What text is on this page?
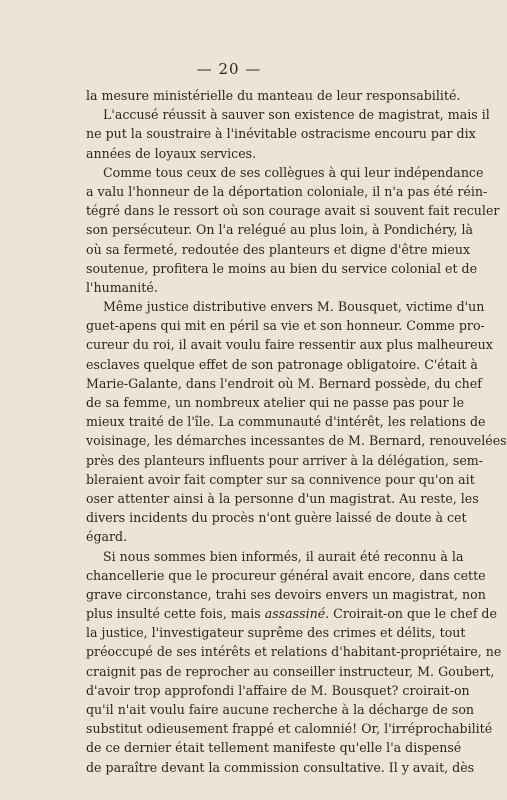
— 20 —
la mesure ministérielle du manteau de leur responsabilité.
L'accusé réussit à sauver son existence de magistrat, mais il
ne put la soustraire à l'inévitable ostracisme encouru par dix
années de loyaux services.
Comme tous ceux de ses collègues à qui leur indépendance
a valu l'honneur de la déportation coloniale, il n'a pas été réin-
tégré dans le ressort où son courage avait si souvent fait reculer
son persécuteur. On l'a relégué au plus loin, à Pondichéry, là
où sa fermeté, redoutée des planteurs et digne d'être mieux
soutenue, profitera le moins au bien du service colonial et de
l'humanité.
Même justice distributive envers M. Bousquet, victime d'un
guet-apens qui mit en péril sa vie et son honneur. Comme pro-
cureur du roi, il avait voulu faire ressentir aux plus malheureux
esclaves quelque effet de son patronage obligatoire. C'était à
Marie-Galante, dans l'endroit où M. Bernard possède, du chef
de sa femme, un nombreux atelier qui ne passe pas pour le
mieux traité de l'île. La communauté d'intérêt, les relations de
voisinage, les démarches incessantes de M. Bernard, renouvelées
près des planteurs influents pour arriver à la délégation, sem-
bleraient avoir fait compter sur sa connivence pour qu'on ait
oser attenter ainsi à la personne d'un magistrat. Au reste, les
divers incidents du procès n'ont guère laissé de doute à cet
égard.
Si nous sommes bien informés, il aurait été reconnu à la
chancellerie que le procureur général avait encore, dans cette
grave circonstance, trahi ses devoirs envers un magistrat, non
plus insulté cette fois, mais assassiné. Croirait-on que le chef de
la justice, l'investigateur suprême des crimes et délits, tout
préoccupé de ses intérêts et relations d'habitant-propriétaire, ne
craignit pas de reprocher au conseiller instructeur, M. Goubert,
d'avoir trop approfondi l'affaire de M. Bousquet? croirait-on
qu'il n'ait voulu faire aucune recherche à la décharge de son
substitut odieusement frappé et calomnié! Or, l'irréprochabilité
de ce dernier était tellement manifeste qu'elle l'a dispensé
de paraître devant la commission consultative. Il y avait, dès
